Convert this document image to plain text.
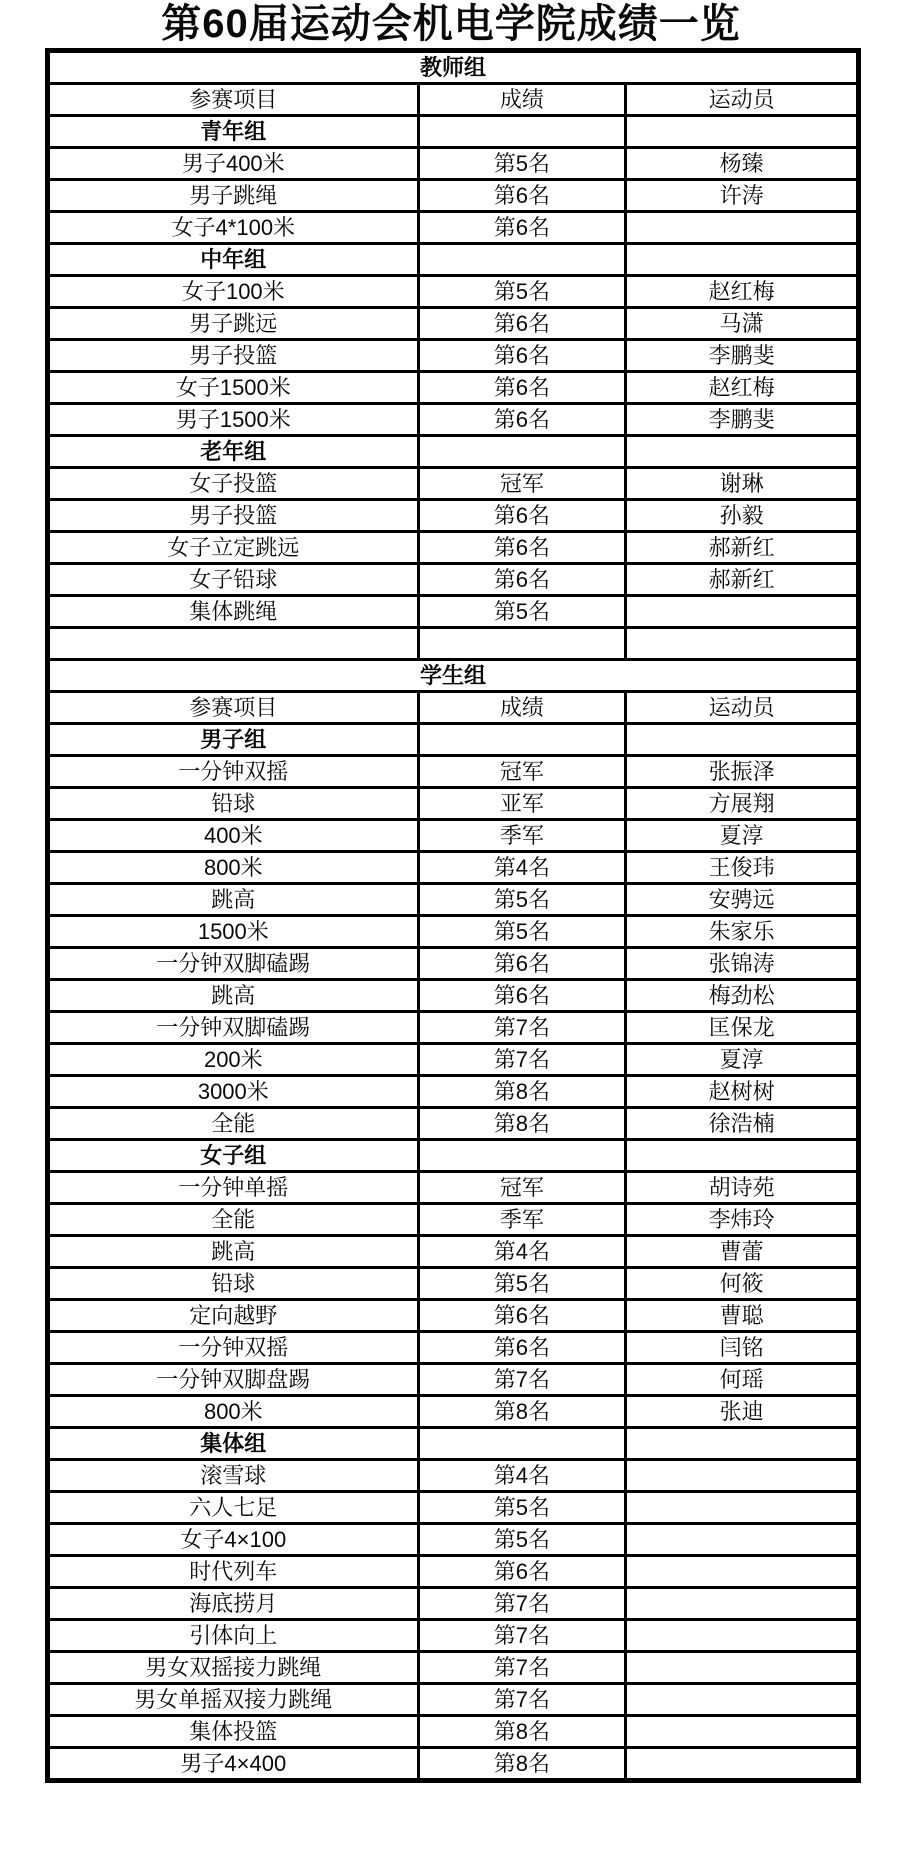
第60届运动会机电学院成绩一览
教师组		
参赛项目	成绩	运动员
青年组		
男子400米	第5名	杨臻
男子跳绳	第6名	许涛
女子4*100米	第6名	
中年组		
女子100米	第5名	赵红梅
男子跳远	第6名	马潇
男子投篮	第6名	李鹏斐
女子1500米	第6名	赵红梅
男子1500米	第6名	李鹏斐
老年组		
女子投篮	冠军	谢琳
男子投篮	第6名	孙毅
女子立定跳远	第6名	郝新红
女子铅球	第6名	郝新红
集体跳绳	第5名	

学生组		
参赛项目	成绩	运动员
男子组		
一分钟双摇	冠军	张振泽
铅球	亚军	方展翔
400米	季军	夏淳
800米	第4名	王俊玮
跳高	第5名	安骋远
1500米	第5名	朱家乐
一分钟双脚磕踢	第6名	张锦涛
跳高	第6名	梅劲松
一分钟双脚磕踢	第7名	匡保龙
200米	第7名	夏淳
3000米	第8名	赵树树
全能	第8名	徐浩楠
女子组		
一分钟单摇	冠军	胡诗苑
全能	季军	李炜玲
跳高	第4名	曹蕾
铅球	第5名	何筱
定向越野	第6名	曹聪
一分钟双摇	第6名	闫铭
一分钟双脚盘踢	第7名	何瑶
800米	第8名	张迪
集体组		
滚雪球	第4名	
六人七足	第5名	
女子4×100	第5名	
时代列车	第6名	
海底捞月	第7名	
引体向上	第7名	
男女双摇接力跳绳	第7名	
男女单摇双接力跳绳	第7名	
集体投篮	第8名	
男子4×400	第8名	
